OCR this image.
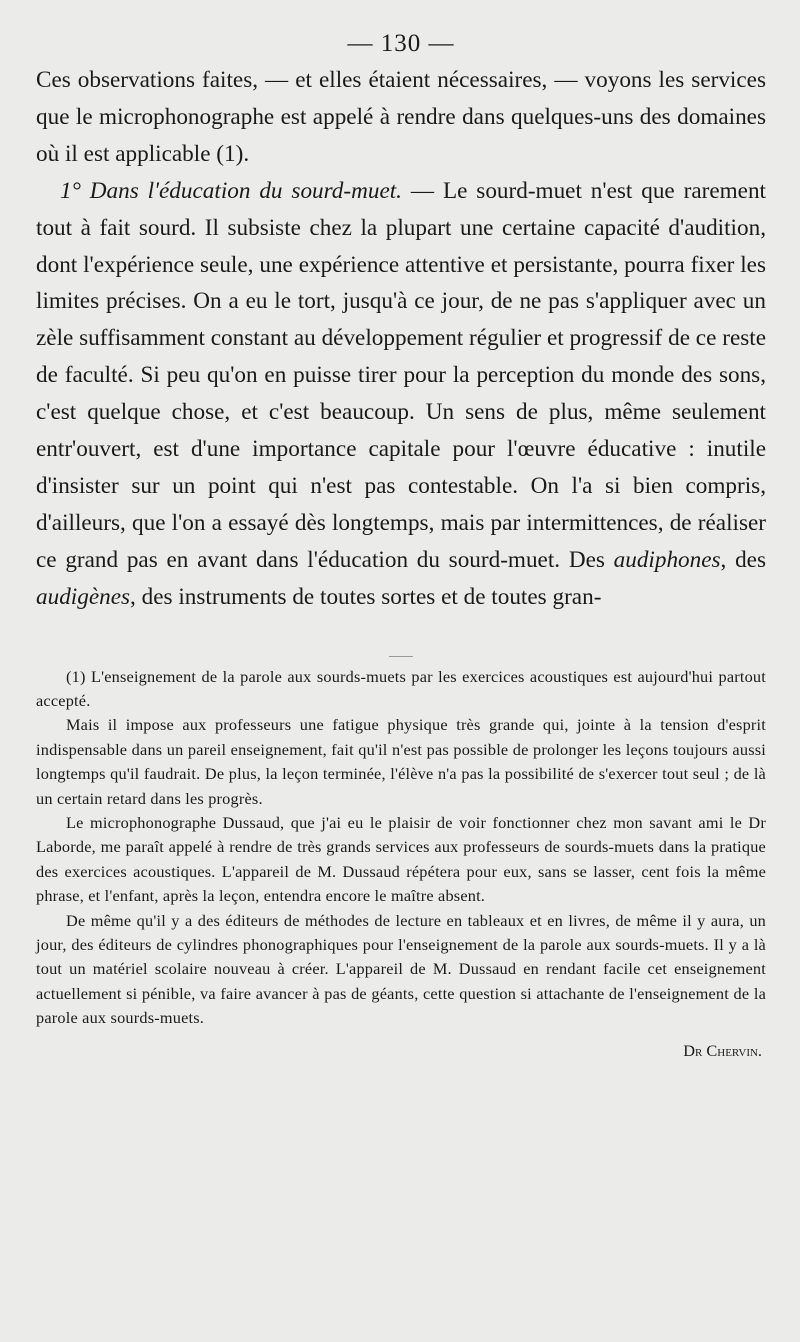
— 130 —

Ces observations faites, — et elles étaient nécessaires, — voyons les services que le microphonographe est appelé à rendre dans quelques-uns des domaines où il est applicable (1).

1° Dans l'éducation du sourd-muet. — Le sourd-muet n'est que rarement tout à fait sourd. Il subsiste chez la plupart une certaine capacité d'audition, dont l'expérience seule, une expérience attentive et persistante, pourra fixer les limites précises. On a eu le tort, jusqu'à ce jour, de ne pas s'appliquer avec un zèle suffisamment constant au développement régulier et progressif de ce reste de faculté. Si peu qu'on en puisse tirer pour la perception du monde des sons, c'est quelque chose, et c'est beaucoup. Un sens de plus, même seulement entr'ouvert, est d'une importance capitale pour l'œuvre éducative : inutile d'insister sur un point qui n'est pas contestable. On l'a si bien compris, d'ailleurs, que l'on a essayé dès longtemps, mais par intermittences, de réaliser ce grand pas en avant dans l'éducation du sourd-muet. Des audiphones, des audigènes, des instruments de toutes sortes et de toutes gran-

(1) L'enseignement de la parole aux sourds-muets par les exercices acoustiques est aujourd'hui partout accepté.

Mais il impose aux professeurs une fatigue physique très grande qui, jointe à la tension d'esprit indispensable dans un pareil enseignement, fait qu'il n'est pas possible de prolonger les leçons toujours aussi longtemps qu'il faudrait. De plus, la leçon terminée, l'élève n'a pas la possibilité de s'exercer tout seul ; de là un certain retard dans les progrès.

Le microphonographe Dussaud, que j'ai eu le plaisir de voir fonctionner chez mon savant ami le Dr Laborde, me paraît appelé à rendre de très grands services aux professeurs de sourds-muets dans la pratique des exercices acoustiques. L'appareil de M. Dussaud répétera pour eux, sans se lasser, cent fois la même phrase, et l'enfant, après la leçon, entendra encore le maître absent.

De même qu'il y a des éditeurs de méthodes de lecture en tableaux et en livres, de même il y aura, un jour, des éditeurs de cylindres phonographiques pour l'enseignement de la parole aux sourds-muets. Il y a là tout un matériel scolaire nouveau à créer. L'appareil de M. Dussaud en rendant facile cet enseignement actuellement si pénible, va faire avancer à pas de géants, cette question si attachante de l'enseignement de la parole aux sourds-muets.

Dr Chervin.
